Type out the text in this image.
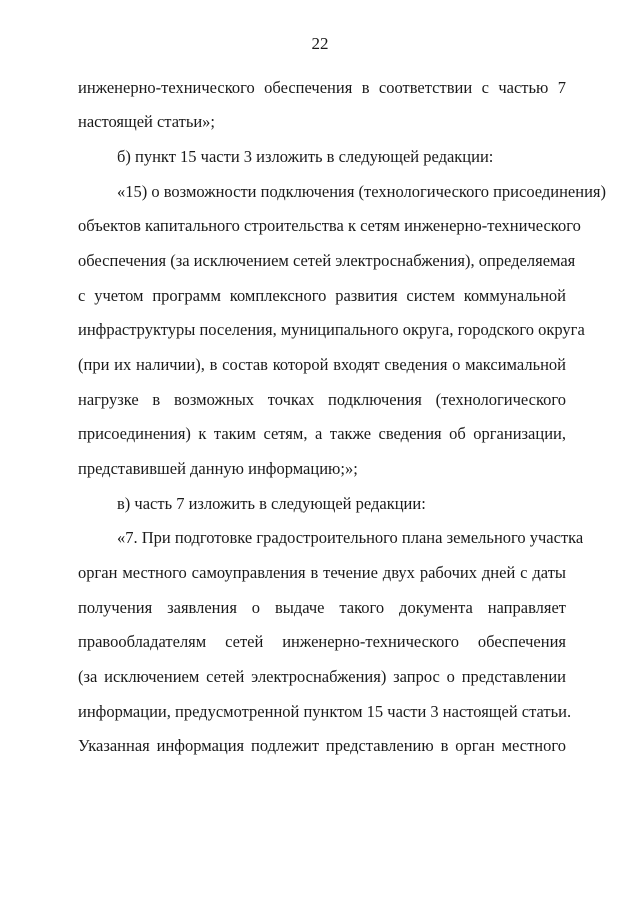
22
инженерно-технического обеспечения в соответствии с частью 7
настоящей статьи»;
б) пункт 15 части 3 изложить в следующей редакции:
«15) о возможности подключения (технологического присоединения)
объектов капитального строительства к сетям инженерно-технического
обеспечения (за исключением сетей электроснабжения), определяемая
с учетом программ комплексного развития систем коммунальной
инфраструктуры поселения, муниципального округа, городского округа
(при их наличии), в состав которой входят сведения о максимальной
нагрузке в возможных точках подключения (технологического
присоединения) к таким сетям, а также сведения об организации,
представившей данную информацию;»;
в) часть 7 изложить в следующей редакции:
«7. При подготовке градостроительного плана земельного участка
орган местного самоуправления в течение двух рабочих дней с даты
получения заявления о выдаче такого документа направляет
правообладателям сетей инженерно-технического обеспечения
(за исключением сетей электроснабжения) запрос о представлении
информации, предусмотренной пунктом 15 части 3 настоящей статьи.
Указанная информация подлежит представлению в орган местного
